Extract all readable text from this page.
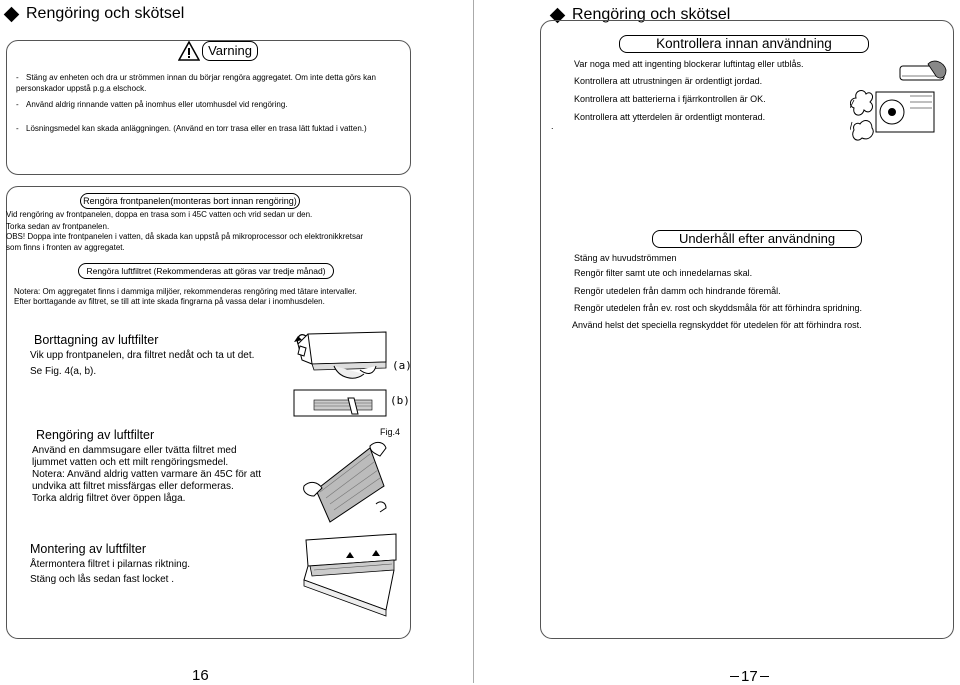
Rengöring och skötsel
Varning
- Stäng av enheten och dra ur strömmen innan du börjar rengöra aggregatet. Om inte detta görs kan
personskador uppstå p.g.a elschock.
- Använd aldrig rinnande vatten på inomhus eller utomhusdel vid rengöring.
- Lösningsmedel kan skada anläggningen. (Använd en torr trasa eller en trasa lätt fuktad i vatten.)
Rengöra frontpanelen(monteras bort innan rengöring)
Vid rengöring av frontpanelen, doppa en trasa som i 45C vatten och vrid sedan ur den.
Torka sedan av frontpanelen.
OBS! Doppa inte frontpanelen i vatten, då skada kan uppstå på mikroprocessor och elektronikkretsar
som finns i fronten av aggregatet.
Rengöra luftfiltret (Rekommenderas att göras var tredje månad)
Notera: Om aggregatet finns i dammiga miljöer, rekommenderas rengöring med tätare intervaller.
Efter borttagande av filtret, se till att inte skada fingrarna på vassa delar i inomhusdelen.
Borttagning av luftfilter
Vik upp frontpanelen, dra filtret nedåt och ta ut det.
Se Fig. 4(a, b).	(a)
(b)
Fig.4
Rengöring av luftfilter
Använd en dammsugare eller tvätta filtret med
ljummet vatten och ett milt rengöringsmedel.
Notera: Använd aldrig vatten varmare än 45C för att
undvika att filtret missfärgas eller deformeras.
Torka aldrig filtret över öppen låga.
Montering av luftfilter
Återmontera filtret i pilarnas riktning.
Stäng och lås sedan fast locket .
16
Rengöring och skötsel
Kontrollera innan användning
Var noga med att ingenting blockerar luftintag eller utblås.
Kontrollera att utrustningen är ordentligt jordad.
Kontrollera att batterierna i fjärrkontrollen är OK.
Kontrollera att ytterdelen är ordentligt monterad.
.
Underhåll efter användning
Stäng av huvudströmmen
Rengör filter samt ute och innedelarnas skal.
Rengör utedelen från damm och hindrande föremål.
Rengör utedelen från ev. rost och skyddsmåla för att förhindra spridning.
Använd helst det speciella regnskyddet för utedelen för att förhindra rost.
17
